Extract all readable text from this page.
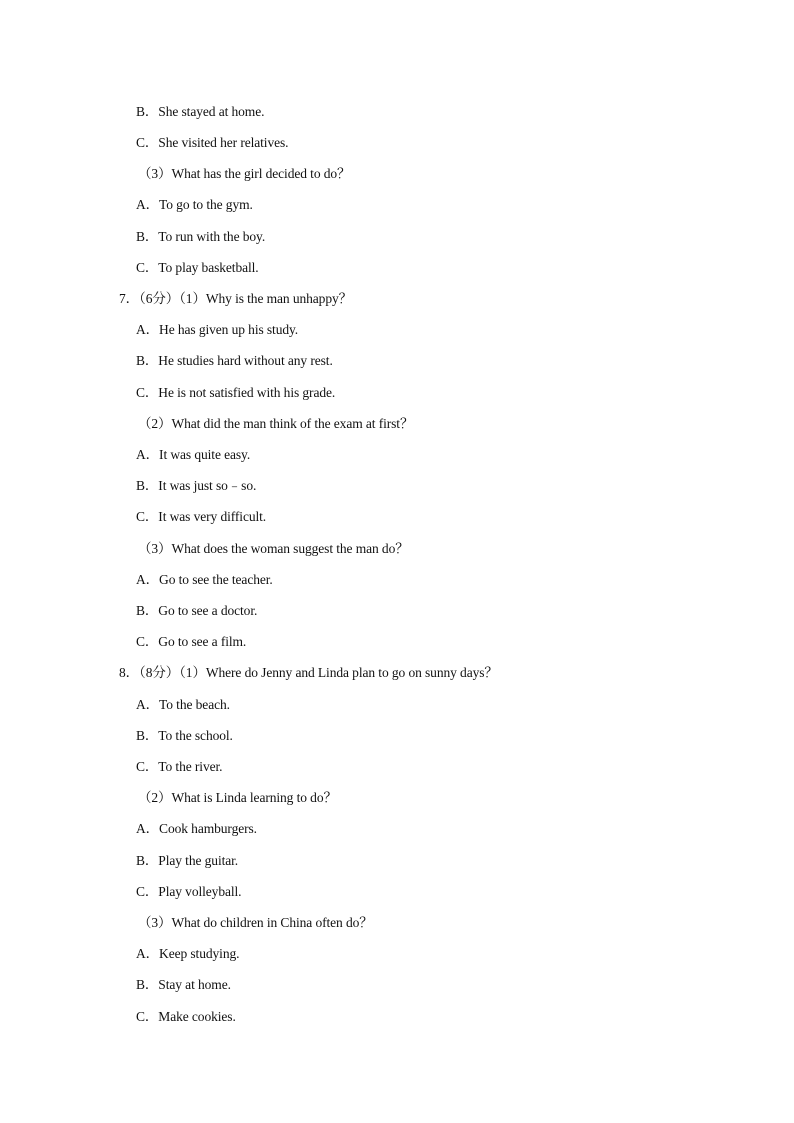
B．She stayed at home.
C．She visited her relatives.
（3）What has the girl decided to do？
A．To go to the gym.
B．To run with the boy.
C．To play basketball.
7．（6分）（1）Why is the man unhappy？
A．He has given up his study.
B．He studies hard without any rest.
C．He is not satisfied with his grade.
（2）What did the man think of the exam at first？
A．It was quite easy.
B．It was just so﹣so.
C．It was very difficult.
（3）What does the woman suggest the man do？
A．Go to see the teacher.
B．Go to see a doctor.
C．Go to see a film.
8．（8分）（1）Where do Jenny and Linda plan to go on sunny days？
A．To the beach.
B．To the school.
C．To the river.
（2）What is Linda learning to do？
A．Cook hamburgers.
B．Play the guitar.
C．Play volleyball.
（3）What do children in China often do？
A．Keep studying.
B．Stay at home.
C．Make cookies.
